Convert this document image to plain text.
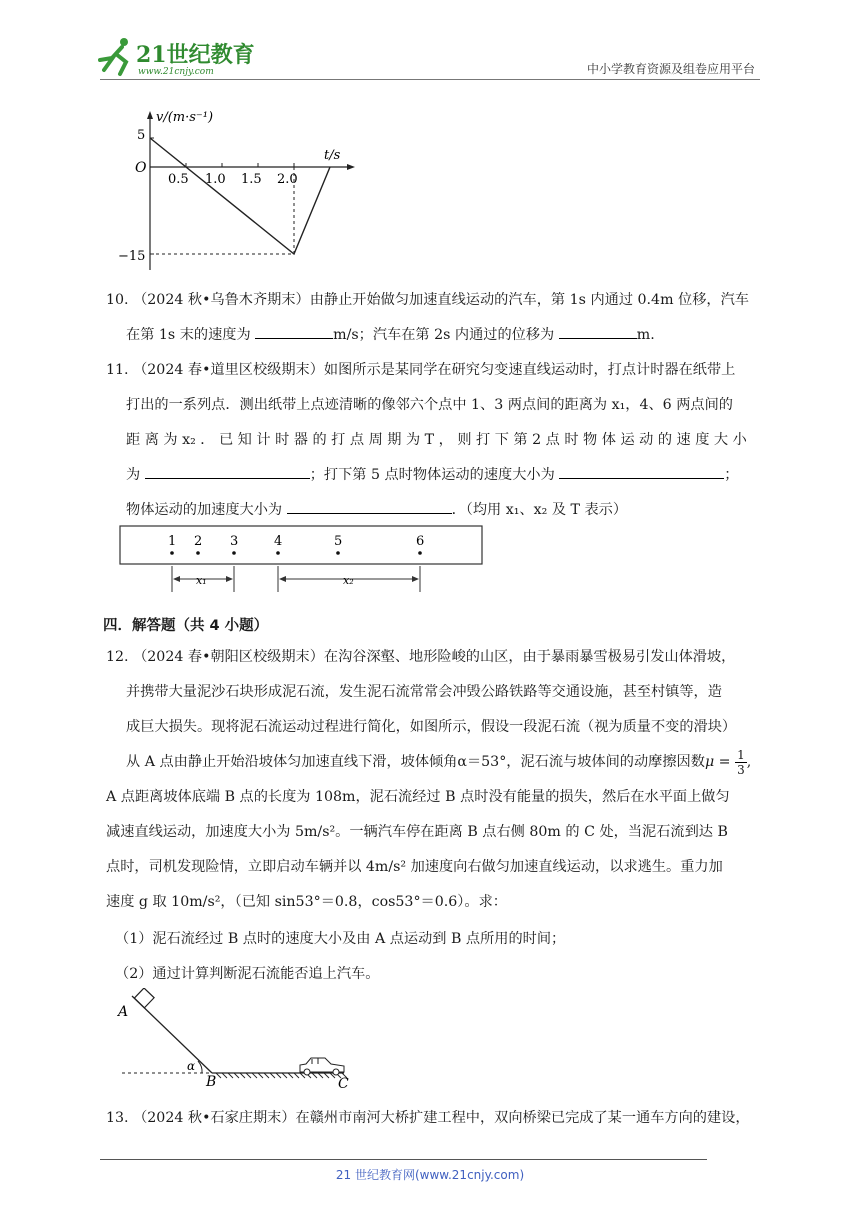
21世纪教育
www.21cnjy.com	中小学教育资源及组卷应用平台
v/(m·s⁻¹)
t/s
O
5
−15
0.5 1.0 1.5 2.0
10. （2024 秋•乌鲁木齐期末）由静止开始做匀加速直线运动的汽车，第 1s 内通过 0.4m 位移，汽车
在第 1s 末的速度为	m/s；汽车在第 2s 内通过的位移为	m.
11. （2024 春•道里区校级期末）如图所示是某同学在研究匀变速直线运动时，打点计时器在纸带上
打出的一系列点．测出纸带上点迹清晰的像邻六个点中 1、3 两点间的距离为 x₁，4、6 两点间的
距 离 为 x₂ ． 已 知 计 时 器 的 打 点 周 期 为 T ， 则 打 下 第 2 点 时 物 体 运 动 的 速 度 大 小
为	；打下第 5 点时物体运动的速度大小为	；
物体运动的加速度大小为	．（均用 x₁、x₂ 及 T 表示）
1 2 3	4	5	6
x₁	x₂
四．解答题（共 4 小题）
12. （2024 春•朝阳区校级期末）在沟谷深壑、地形险峻的山区，由于暴雨暴雪极易引发山体滑坡，
并携带大量泥沙石块形成泥石流，发生泥石流常常会冲毁公路铁路等交通设施，甚至村镇等，造
成巨大损失。现将泥石流运动过程进行简化，如图所示，假设一段泥石流（视为质量不变的滑块）
从 A 点由静止开始沿坡体匀加速直线下滑，坡体倾角α＝53°，泥石流与坡体间的动摩擦因数$\mu = \frac{1}{3}$ ,
A 点距离坡体底端 B 点的长度为 108m，泥石流经过 B 点时没有能量的损失，然后在水平面上做匀
减速直线运动，加速度大小为 5m/s²。一辆汽车停在距离 B 点右侧 80m 的 C 处，当泥石流到达 B
点时，司机发现险情，立即启动车辆并以 4m/s² 加速度向右做匀加速直线运动，以求逃生。重力加
速度 g 取 10m/s²，（已知 sin53°＝0.8，cos53°＝0.6）。求：
（1）泥石流经过 B 点时的速度大小及由 A 点运动到 B 点所用的时间；
（2）通过计算判断泥石流能否追上汽车。
A
B	C
α
13. （2024 秋•石家庄期末）在赣州市南河大桥扩建工程中，双向桥梁已完成了某一通车方向的建设，
21 世纪教育网(www.21cnjy.com)
